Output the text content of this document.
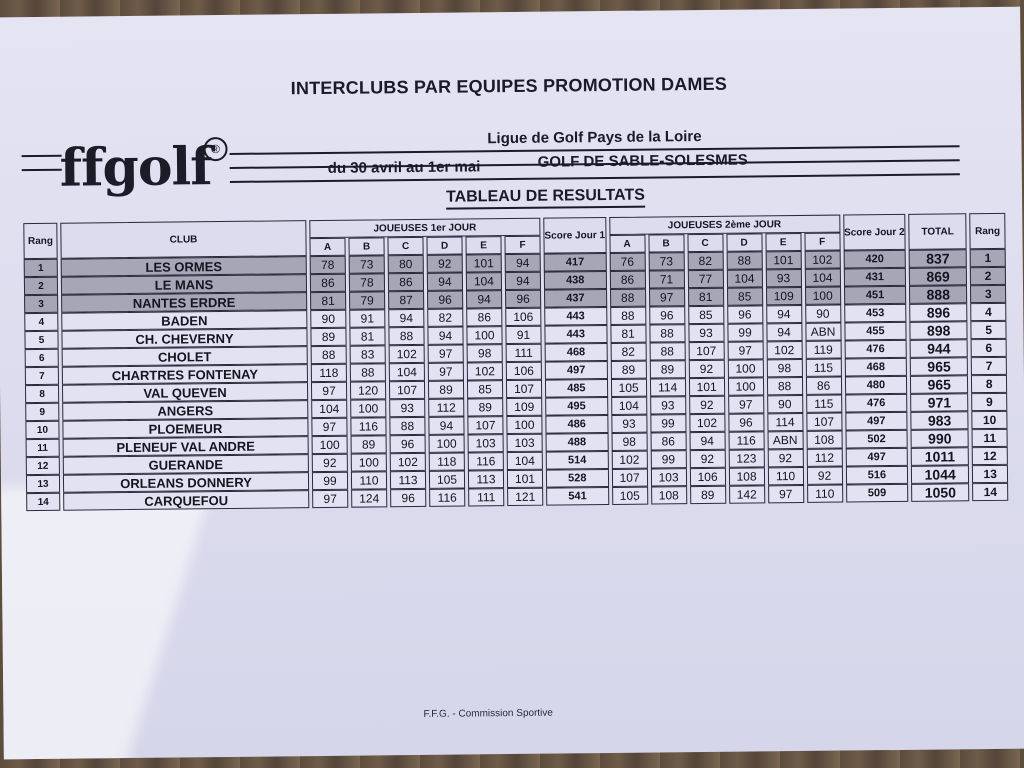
INTERCLUBS PAR EQUIPES PROMOTION DAMES
ffgolf ®
Ligue de Golf Pays de la Loire
du 30 avril au 1er mai	GOLF DE SABLE-SOLESMES
TABLEAU DE RESULTATS
Rang	CLUB	JOUEUSES 1er JOUR						Score Jour 1	JOUEUSES 2ème JOUR						Score Jour 2	TOTAL	Rang
		A	B	C	D	E	F		A	B	C	D	E	F			
1	LES ORMES	78	73	80	92	101	94	417	76	73	82	88	101	102	420	837	1
2	LE MANS	86	78	86	94	104	94	438	86	71	77	104	93	104	431	869	2
3	NANTES ERDRE	81	79	87	96	94	96	437	88	97	81	85	109	100	451	888	3
4	BADEN	90	91	94	82	86	106	443	88	96	85	96	94	90	453	896	4
5	CH. CHEVERNY	89	81	88	94	100	91	443	81	88	93	99	94	ABN	455	898	5
6	CHOLET	88	83	102	97	98	111	468	82	88	107	97	102	119	476	944	6
7	CHARTRES FONTENAY	118	88	104	97	102	106	497	89	89	92	100	98	115	468	965	7
8	VAL QUEVEN	97	120	107	89	85	107	485	105	114	101	100	88	86	480	965	8
9	ANGERS	104	100	93	112	89	109	495	104	93	92	97	90	115	476	971	9
10	PLOEMEUR	97	116	88	94	107	100	486	93	99	102	96	114	107	497	983	10
11	PLENEUF VAL ANDRE	100	89	96	100	103	103	488	98	86	94	116	ABN	108	502	990	11
12	GUERANDE	92	100	102	118	116	104	514	102	99	92	123	92	112	497	1011	12
13	ORLEANS DONNERY	99	110	113	105	113	101	528	107	103	106	108	110	92	516	1044	13
14	CARQUEFOU	97	124	96	116	111	121	541	105	108	89	142	97	110	509	1050	14
F.F.G. - Commission Sportive
